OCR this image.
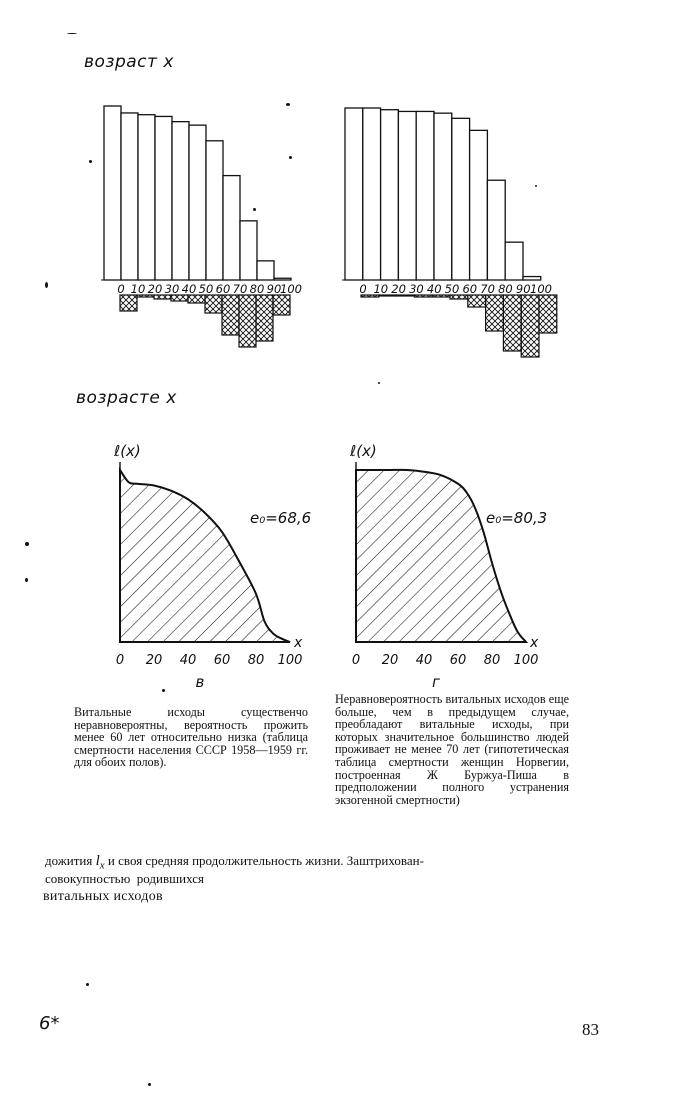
возраст x
возрасте x
0 10 20 30 40 50 60 70 80 90
100	0 10 20 30 40 50 60 70 80 90 100
ℓ(x)
x
e₀=68,6
0 20 40 60 80 100
в
ℓ(x)
x
e₀=80,3
0 20 40 60 80 100
г
Витальные исходы существенчо неравновероятны, вероятность прожить менее 60 лет относительно низка (таблица смертности населения СССР 1958—1959 гг. для обоих полов).
Неравновероятность витальных исходов еще больше, чем в предыдущем случае, преобладают витальные исходы, при которых значительное большинство людей проживает не менее 70 лет (гипотетическая таблица смертности женщин Норвегии, построенная Ж Буржуа-Пиша в предположении полного устранения экзогенной смертности)
дожития $l_x$ и своя средняя продолжительность жизни. Заштрихован-
совокупностью  родившихся
витальных исходов
6*	83
